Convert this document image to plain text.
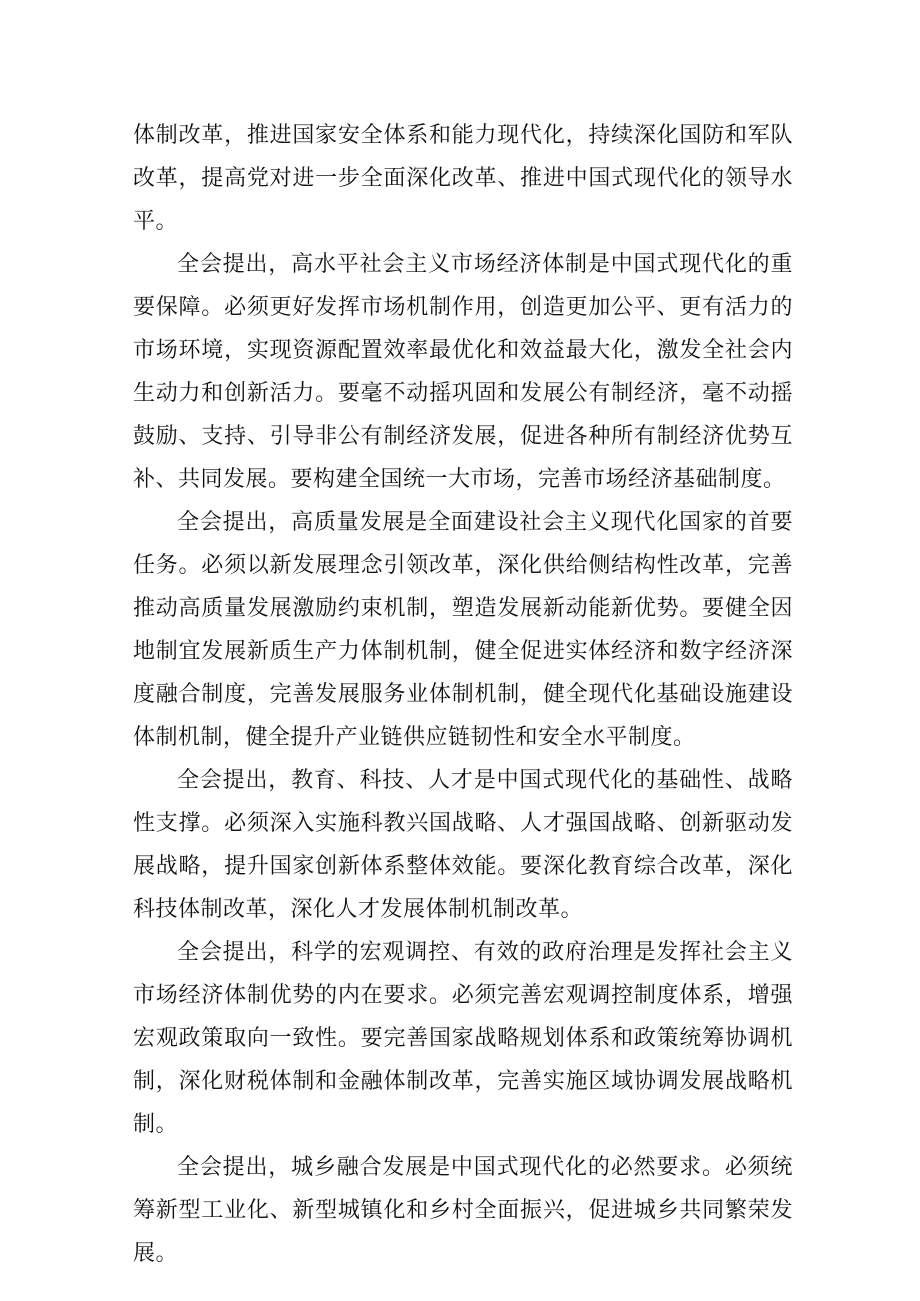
体制改革，推进国家安全体系和能力现代化，持续深化国防和军队改革，提高党对进一步全面深化改革、推进中国式现代化的领导水平。

全会提出，高水平社会主义市场经济体制是中国式现代化的重要保障。必须更好发挥市场机制作用，创造更加公平、更有活力的市场环境，实现资源配置效率最优化和效益最大化，激发全社会内生动力和创新活力。要毫不动摇巩固和发展公有制经济，毫不动摇鼓励、支持、引导非公有制经济发展，促进各种所有制经济优势互补、共同发展。要构建全国统一大市场，完善市场经济基础制度。

全会提出，高质量发展是全面建设社会主义现代化国家的首要任务。必须以新发展理念引领改革，深化供给侧结构性改革，完善推动高质量发展激励约束机制，塑造发展新动能新优势。要健全因地制宜发展新质生产力体制机制，健全促进实体经济和数字经济深度融合制度，完善发展服务业体制机制，健全现代化基础设施建设体制机制，健全提升产业链供应链韧性和安全水平制度。

全会提出，教育、科技、人才是中国式现代化的基础性、战略性支撑。必须深入实施科教兴国战略、人才强国战略、创新驱动发展战略，提升国家创新体系整体效能。要深化教育综合改革，深化科技体制改革，深化人才发展体制机制改革。

全会提出，科学的宏观调控、有效的政府治理是发挥社会主义市场经济体制优势的内在要求。必须完善宏观调控制度体系，增强宏观政策取向一致性。要完善国家战略规划体系和政策统筹协调机制，深化财税体制和金融体制改革，完善实施区域协调发展战略机制。

全会提出，城乡融合发展是中国式现代化的必然要求。必须统筹新型工业化、新型城镇化和乡村全面振兴，促进城乡共同繁荣发展。
